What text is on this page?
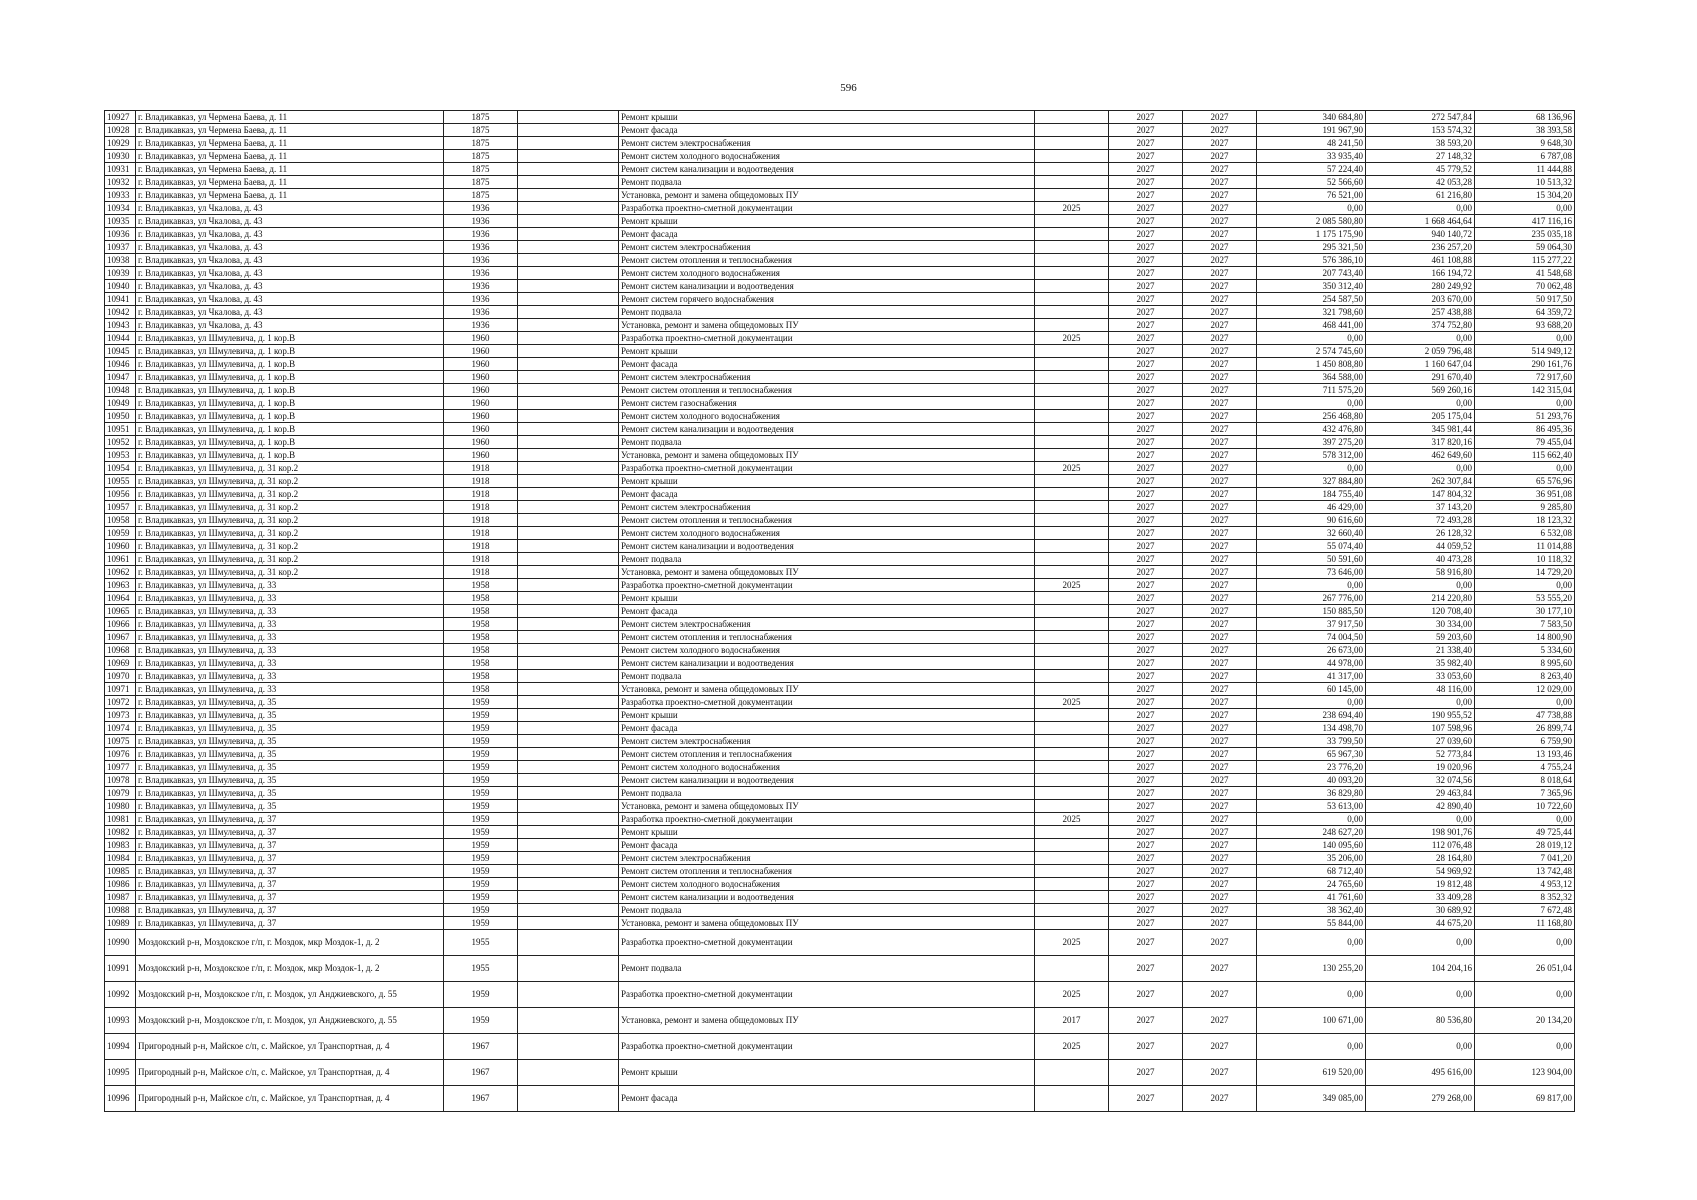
596
10927	г. Владикавказ, ул Чермена Баева, д. 11	1875		Ремонт крыши		2027	2027	340 684,80	272 547,84	68 136,96
10928	г. Владикавказ, ул Чермена Баева, д. 11	1875		Ремонт фасада		2027	2027	191 967,90	153 574,32	38 393,58
10929	г. Владикавказ, ул Чермена Баева, д. 11	1875		Ремонт систем электроснабжения		2027	2027	48 241,50	38 593,20	9 648,30
10930	г. Владикавказ, ул Чермена Баева, д. 11	1875		Ремонт систем холодного водоснабжения		2027	2027	33 935,40	27 148,32	6 787,08
10931	г. Владикавказ, ул Чермена Баева, д. 11	1875		Ремонт систем канализации и водоотведения		2027	2027	57 224,40	45 779,52	11 444,88
10932	г. Владикавказ, ул Чермена Баева, д. 11	1875		Ремонт подвала		2027	2027	52 566,60	42 053,28	10 513,32
10933	г. Владикавказ, ул Чермена Баева, д. 11	1875		Установка, ремонт и замена общедомовых ПУ		2027	2027	76 521,00	61 216,80	15 304,20
10934	г. Владикавказ, ул Чкалова, д. 43	1936		Разработка проектно-сметной документации	2025	2027	2027	0,00	0,00	0,00
10935	г. Владикавказ, ул Чкалова, д. 43	1936		Ремонт крыши		2027	2027	2 085 580,80	1 668 464,64	417 116,16
10936	г. Владикавказ, ул Чкалова, д. 43	1936		Ремонт фасада		2027	2027	1 175 175,90	940 140,72	235 035,18
10937	г. Владикавказ, ул Чкалова, д. 43	1936		Ремонт систем электроснабжения		2027	2027	295 321,50	236 257,20	59 064,30
10938	г. Владикавказ, ул Чкалова, д. 43	1936		Ремонт систем отопления и теплоснабжения		2027	2027	576 386,10	461 108,88	115 277,22
10939	г. Владикавказ, ул Чкалова, д. 43	1936		Ремонт систем холодного водоснабжения		2027	2027	207 743,40	166 194,72	41 548,68
10940	г. Владикавказ, ул Чкалова, д. 43	1936		Ремонт систем канализации и водоотведения		2027	2027	350 312,40	280 249,92	70 062,48
10941	г. Владикавказ, ул Чкалова, д. 43	1936		Ремонт систем горячего водоснабжения		2027	2027	254 587,50	203 670,00	50 917,50
10942	г. Владикавказ, ул Чкалова, д. 43	1936		Ремонт подвала		2027	2027	321 798,60	257 438,88	64 359,72
10943	г. Владикавказ, ул Чкалова, д. 43	1936		Установка, ремонт и замена общедомовых ПУ		2027	2027	468 441,00	374 752,80	93 688,20
10944	г. Владикавказ, ул Шмулевича, д. 1 кор.В	1960		Разработка проектно-сметной документации	2025	2027	2027	0,00	0,00	0,00
10945	г. Владикавказ, ул Шмулевича, д. 1 кор.В	1960		Ремонт крыши		2027	2027	2 574 745,60	2 059 796,48	514 949,12
10946	г. Владикавказ, ул Шмулевича, д. 1 кор.В	1960		Ремонт фасада		2027	2027	1 450 808,80	1 160 647,04	290 161,76
10947	г. Владикавказ, ул Шмулевича, д. 1 кор.В	1960		Ремонт систем электроснабжения		2027	2027	364 588,00	291 670,40	72 917,60
10948	г. Владикавказ, ул Шмулевича, д. 1 кор.В	1960		Ремонт систем отопления и теплоснабжения		2027	2027	711 575,20	569 260,16	142 315,04
10949	г. Владикавказ, ул Шмулевича, д. 1 кор.В	1960		Ремонт систем газоснабжения		2027	2027	0,00	0,00	0,00
10950	г. Владикавказ, ул Шмулевича, д. 1 кор.В	1960		Ремонт систем холодного водоснабжения		2027	2027	256 468,80	205 175,04	51 293,76
10951	г. Владикавказ, ул Шмулевича, д. 1 кор.В	1960		Ремонт систем канализации и водоотведения		2027	2027	432 476,80	345 981,44	86 495,36
10952	г. Владикавказ, ул Шмулевича, д. 1 кор.В	1960		Ремонт подвала		2027	2027	397 275,20	317 820,16	79 455,04
10953	г. Владикавказ, ул Шмулевича, д. 1 кор.В	1960		Установка, ремонт и замена общедомовых ПУ		2027	2027	578 312,00	462 649,60	115 662,40
10954	г. Владикавказ, ул Шмулевича, д. 31 кор.2	1918		Разработка проектно-сметной документации	2025	2027	2027	0,00	0,00	0,00
10955	г. Владикавказ, ул Шмулевича, д. 31 кор.2	1918		Ремонт крыши		2027	2027	327 884,80	262 307,84	65 576,96
10956	г. Владикавказ, ул Шмулевича, д. 31 кор.2	1918		Ремонт фасада		2027	2027	184 755,40	147 804,32	36 951,08
10957	г. Владикавказ, ул Шмулевича, д. 31 кор.2	1918		Ремонт систем электроснабжения		2027	2027	46 429,00	37 143,20	9 285,80
10958	г. Владикавказ, ул Шмулевича, д. 31 кор.2	1918		Ремонт систем отопления и теплоснабжения		2027	2027	90 616,60	72 493,28	18 123,32
10959	г. Владикавказ, ул Шмулевича, д. 31 кор.2	1918		Ремонт систем холодного водоснабжения		2027	2027	32 660,40	26 128,32	6 532,08
10960	г. Владикавказ, ул Шмулевича, д. 31 кор.2	1918		Ремонт систем канализации и водоотведения		2027	2027	55 074,40	44 059,52	11 014,88
10961	г. Владикавказ, ул Шмулевича, д. 31 кор.2	1918		Ремонт подвала		2027	2027	50 591,60	40 473,28	10 118,32
10962	г. Владикавказ, ул Шмулевича, д. 31 кор.2	1918		Установка, ремонт и замена общедомовых ПУ		2027	2027	73 646,00	58 916,80	14 729,20
10963	г. Владикавказ, ул Шмулевича, д. 33	1958		Разработка проектно-сметной документации	2025	2027	2027	0,00	0,00	0,00
10964	г. Владикавказ, ул Шмулевича, д. 33	1958		Ремонт крыши		2027	2027	267 776,00	214 220,80	53 555,20
10965	г. Владикавказ, ул Шмулевича, д. 33	1958		Ремонт фасада		2027	2027	150 885,50	120 708,40	30 177,10
10966	г. Владикавказ, ул Шмулевича, д. 33	1958		Ремонт систем электроснабжения		2027	2027	37 917,50	30 334,00	7 583,50
10967	г. Владикавказ, ул Шмулевича, д. 33	1958		Ремонт систем отопления и теплоснабжения		2027	2027	74 004,50	59 203,60	14 800,90
10968	г. Владикавказ, ул Шмулевича, д. 33	1958		Ремонт систем холодного водоснабжения		2027	2027	26 673,00	21 338,40	5 334,60
10969	г. Владикавказ, ул Шмулевича, д. 33	1958		Ремонт систем канализации и водоотведения		2027	2027	44 978,00	35 982,40	8 995,60
10970	г. Владикавказ, ул Шмулевича, д. 33	1958		Ремонт подвала		2027	2027	41 317,00	33 053,60	8 263,40
10971	г. Владикавказ, ул Шмулевича, д. 33	1958		Установка, ремонт и замена общедомовых ПУ		2027	2027	60 145,00	48 116,00	12 029,00
10972	г. Владикавказ, ул Шмулевича, д. 35	1959		Разработка проектно-сметной документации	2025	2027	2027	0,00	0,00	0,00
10973	г. Владикавказ, ул Шмулевича, д. 35	1959		Ремонт крыши		2027	2027	238 694,40	190 955,52	47 738,88
10974	г. Владикавказ, ул Шмулевича, д. 35	1959		Ремонт фасада		2027	2027	134 498,70	107 598,96	26 899,74
10975	г. Владикавказ, ул Шмулевича, д. 35	1959		Ремонт систем электроснабжения		2027	2027	33 799,50	27 039,60	6 759,90
10976	г. Владикавказ, ул Шмулевича, д. 35	1959		Ремонт систем отопления и теплоснабжения		2027	2027	65 967,30	52 773,84	13 193,46
10977	г. Владикавказ, ул Шмулевича, д. 35	1959		Ремонт систем холодного водоснабжения		2027	2027	23 776,20	19 020,96	4 755,24
10978	г. Владикавказ, ул Шмулевича, д. 35	1959		Ремонт систем канализации и водоотведения		2027	2027	40 093,20	32 074,56	8 018,64
10979	г. Владикавказ, ул Шмулевича, д. 35	1959		Ремонт подвала		2027	2027	36 829,80	29 463,84	7 365,96
10980	г. Владикавказ, ул Шмулевича, д. 35	1959		Установка, ремонт и замена общедомовых ПУ		2027	2027	53 613,00	42 890,40	10 722,60
10981	г. Владикавказ, ул Шмулевича, д. 37	1959		Разработка проектно-сметной документации	2025	2027	2027	0,00	0,00	0,00
10982	г. Владикавказ, ул Шмулевича, д. 37	1959		Ремонт крыши		2027	2027	248 627,20	198 901,76	49 725,44
10983	г. Владикавказ, ул Шмулевича, д. 37	1959		Ремонт фасада		2027	2027	140 095,60	112 076,48	28 019,12
10984	г. Владикавказ, ул Шмулевича, д. 37	1959		Ремонт систем электроснабжения		2027	2027	35 206,00	28 164,80	7 041,20
10985	г. Владикавказ, ул Шмулевича, д. 37	1959		Ремонт систем отопления и теплоснабжения		2027	2027	68 712,40	54 969,92	13 742,48
10986	г. Владикавказ, ул Шмулевича, д. 37	1959		Ремонт систем холодного водоснабжения		2027	2027	24 765,60	19 812,48	4 953,12
10987	г. Владикавказ, ул Шмулевича, д. 37	1959		Ремонт систем канализации и водоотведения		2027	2027	41 761,60	33 409,28	8 352,32
10988	г. Владикавказ, ул Шмулевича, д. 37	1959		Ремонт подвала		2027	2027	38 362,40	30 689,92	7 672,48
10989	г. Владикавказ, ул Шмулевича, д. 37	1959		Установка, ремонт и замена общедомовых ПУ		2027	2027	55 844,00	44 675,20	11 168,80
10990	Моздокский р-н, Моздокское г/п, г. Моздок, мкр Моздок-1, д. 2	1955		Разработка проектно-сметной документации	2025	2027	2027	0,00	0,00	0,00
10991	Моздокский р-н, Моздокское г/п, г. Моздок, мкр Моздок-1, д. 2	1955		Ремонт подвала		2027	2027	130 255,20	104 204,16	26 051,04
10992	Моздокский р-н, Моздокское г/п, г. Моздок, ул Анджиевского, д. 55	1959		Разработка проектно-сметной документации	2025	2027	2027	0,00	0,00	0,00
10993	Моздокский р-н, Моздокское г/п, г. Моздок, ул Анджиевского, д. 55	1959		Установка, ремонт и замена общедомовых ПУ	2017	2027	2027	100 671,00	80 536,80	20 134,20
10994	Пригородный р-н, Майское с/п, с. Майское, ул Транспортная, д. 4	1967		Разработка проектно-сметной документации	2025	2027	2027	0,00	0,00	0,00
10995	Пригородный р-н, Майское с/п, с. Майское, ул Транспортная, д. 4	1967		Ремонт крыши		2027	2027	619 520,00	495 616,00	123 904,00
10996	Пригородный р-н, Майское с/п, с. Майское, ул Транспортная, д. 4	1967		Ремонт фасада		2027	2027	349 085,00	279 268,00	69 817,00
